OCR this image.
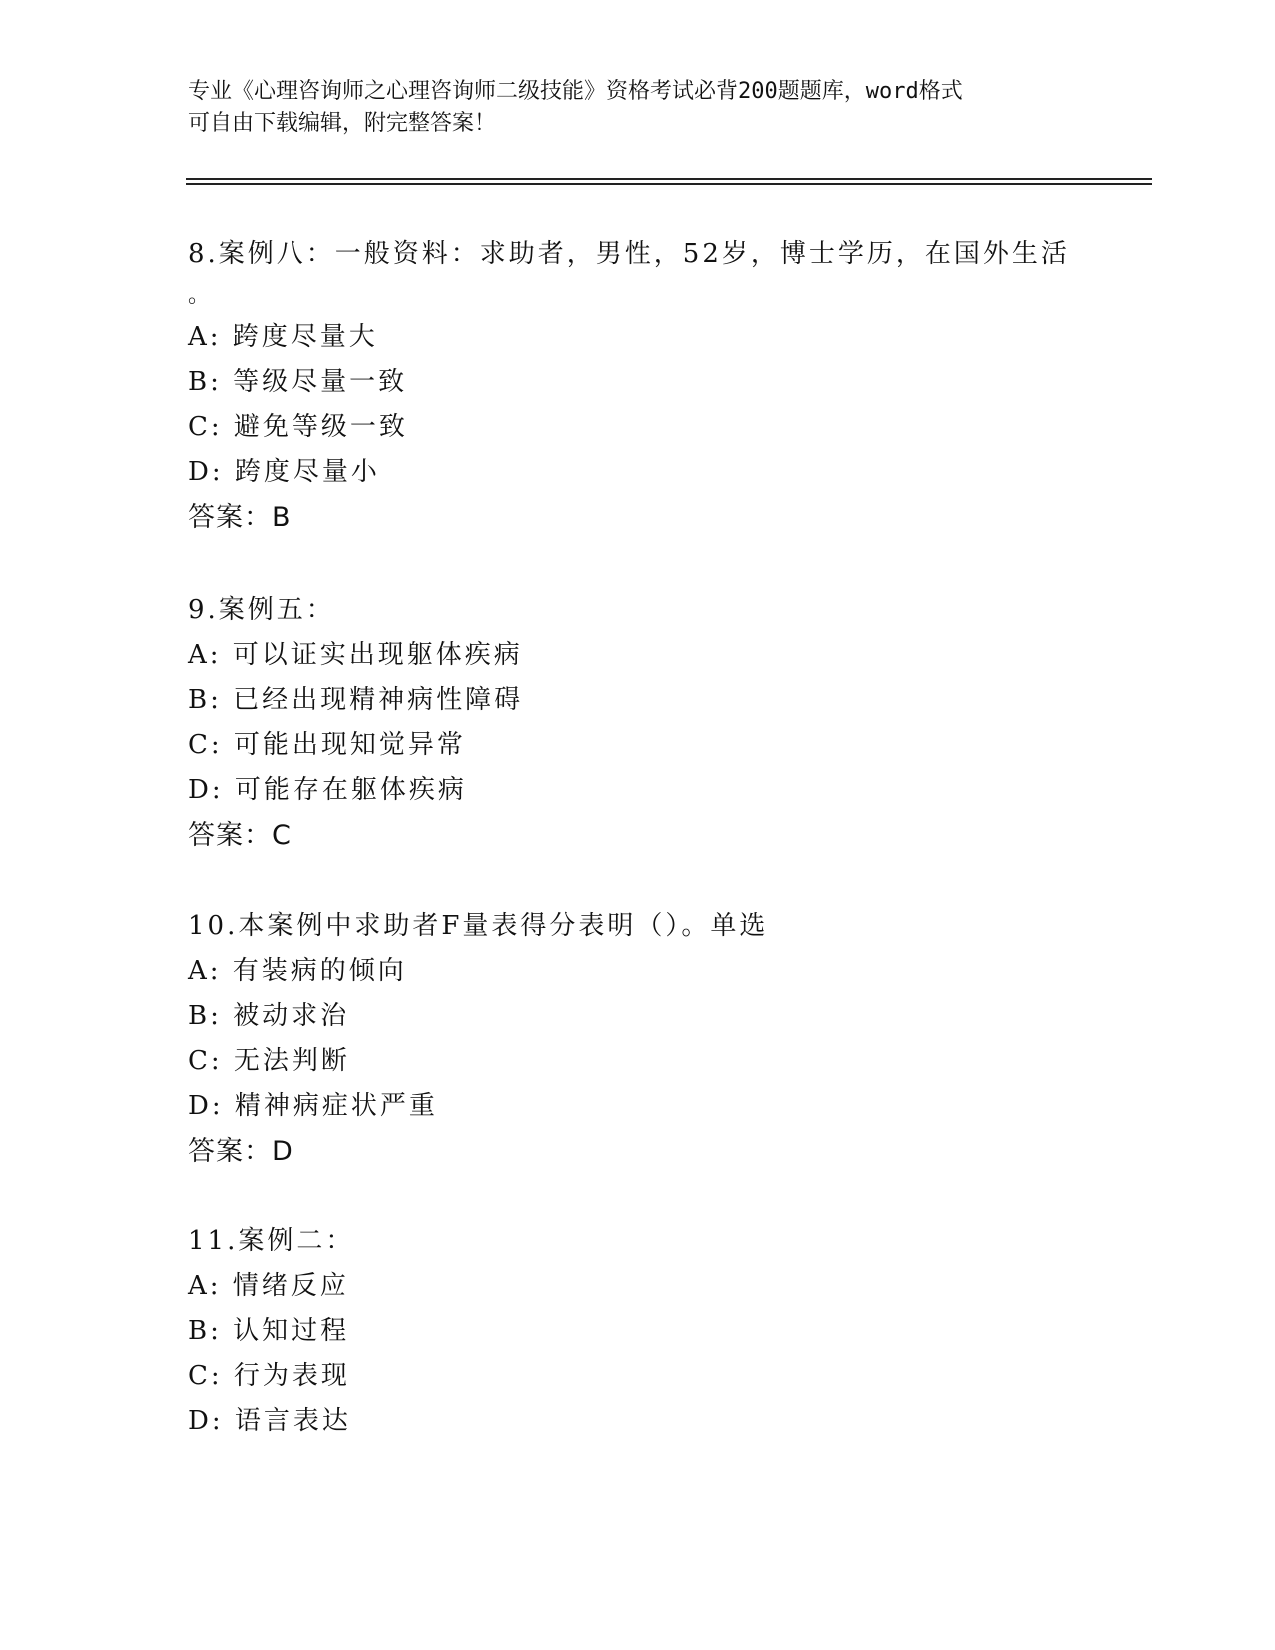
专业《心理咨询师之心理咨询师二级技能》资格考试必背200题题库，word格式
可自由下载编辑，附完整答案！
8.案例八：一般资料：求助者，男性，52岁，博士学历，在国外生活
。
A: 跨度尽量大
B: 等级尽量一致
C: 避免等级一致
D: 跨度尽量小
答案：B
9.案例五：
A: 可以证实出现躯体疾病
B: 已经出现精神病性障碍
C: 可能出现知觉异常
D: 可能存在躯体疾病
答案：C
10.本案例中求助者F量表得分表明（）。单选
A: 有装病的倾向
B: 被动求治
C: 无法判断
D: 精神病症状严重
答案：D
11.案例二：
A: 情绪反应
B: 认知过程
C: 行为表现
D: 语言表达
